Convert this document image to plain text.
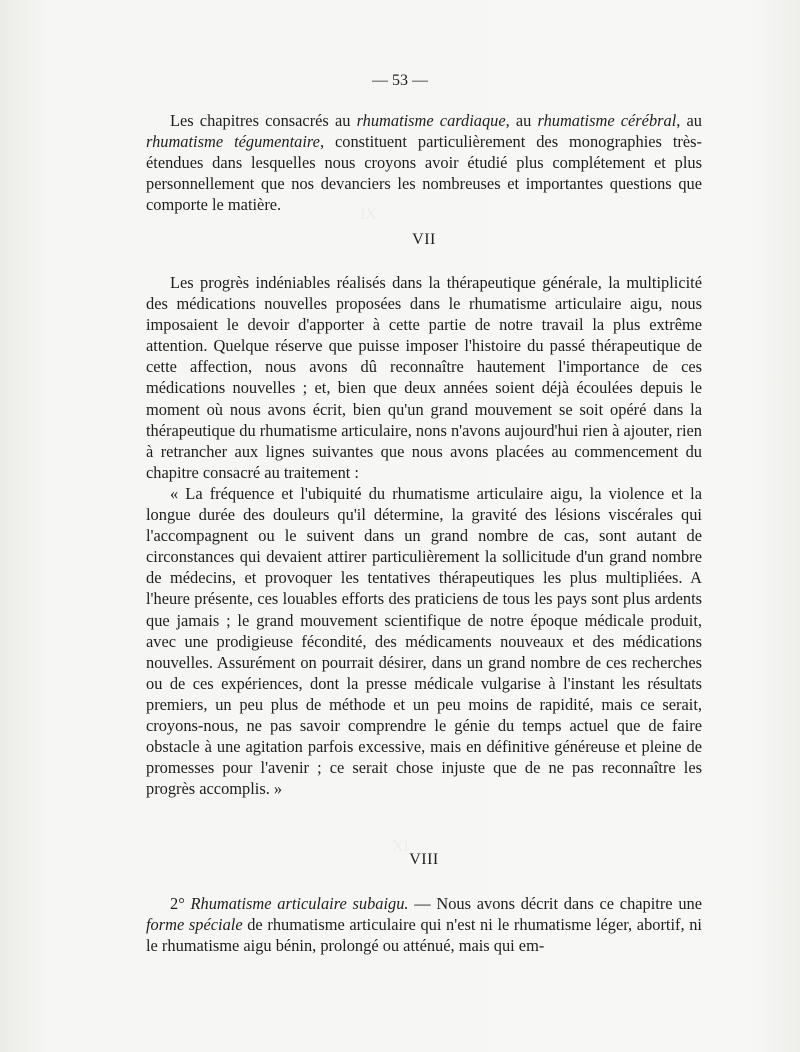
— 53 —

Les chapitres consacrés au rhumatisme cardiaque, au rhumatisme cérébral, au rhumatisme tégumentaire, constituent particulièrement des monographies très-étendues dans lesquelles nous croyons avoir étudié plus complétement et plus personnellement que nos devanciers les nombreuses et importantes questions que comporte le matière.

VII

Les progrès indéniables réalisés dans la thérapeutique générale, la multiplicité des médications nouvelles proposées dans le rhumatisme articulaire aigu, nous imposaient le devoir d'apporter à cette partie de notre travail la plus extrême attention. Quelque réserve que puisse imposer l'histoire du passé thérapeutique de cette affection, nous avons dû reconnaître hautement l'importance de ces médications nouvelles ; et, bien que deux années soient déjà écoulées depuis le moment où nous avons écrit, bien qu'un grand mouvement se soit opéré dans la thérapeutique du rhumatisme articulaire, nons n'avons aujourd'hui rien à ajouter, rien à retrancher aux lignes suivantes que nous avons placées au commencement du chapitre consacré au traitement :

« La fréquence et l'ubiquité du rhumatisme articulaire aigu, la violence et la longue durée des douleurs qu'il détermine, la gravité des lésions viscérales qui l'accompagnent ou le suivent dans un grand nombre de cas, sont autant de circonstances qui devaient attirer particulièrement la sollicitude d'un grand nombre de médecins, et provoquer les tentatives thérapeutiques les plus multipliées. A l'heure présente, ces louables efforts des praticiens de tous les pays sont plus ardents que jamais ; le grand mouvement scientifique de notre époque médicale produit, avec une prodigieuse fécondité, des médicaments nouveaux et des médications nouvelles. Assurément on pourrait désirer, dans un grand nombre de ces recherches ou de ces expériences, dont la presse médicale vulgarise à l'instant les résultats premiers, un peu plus de méthode et un peu moins de rapidité, mais ce serait, croyons-nous, ne pas savoir comprendre le génie du temps actuel que de faire obstacle à une agitation parfois excessive, mais en définitive généreuse et pleine de promesses pour l'avenir ; ce serait chose injuste que de ne pas reconnaître les progrès accomplis. »

VIII

2° Rhumatisme articulaire subaigu. — Nous avons décrit dans ce chapitre une forme spéciale de rhumatisme articulaire qui n'est ni le rhumatisme léger, abortif, ni le rhumatisme aigu bénin, prolongé ou atténué, mais qui em-
